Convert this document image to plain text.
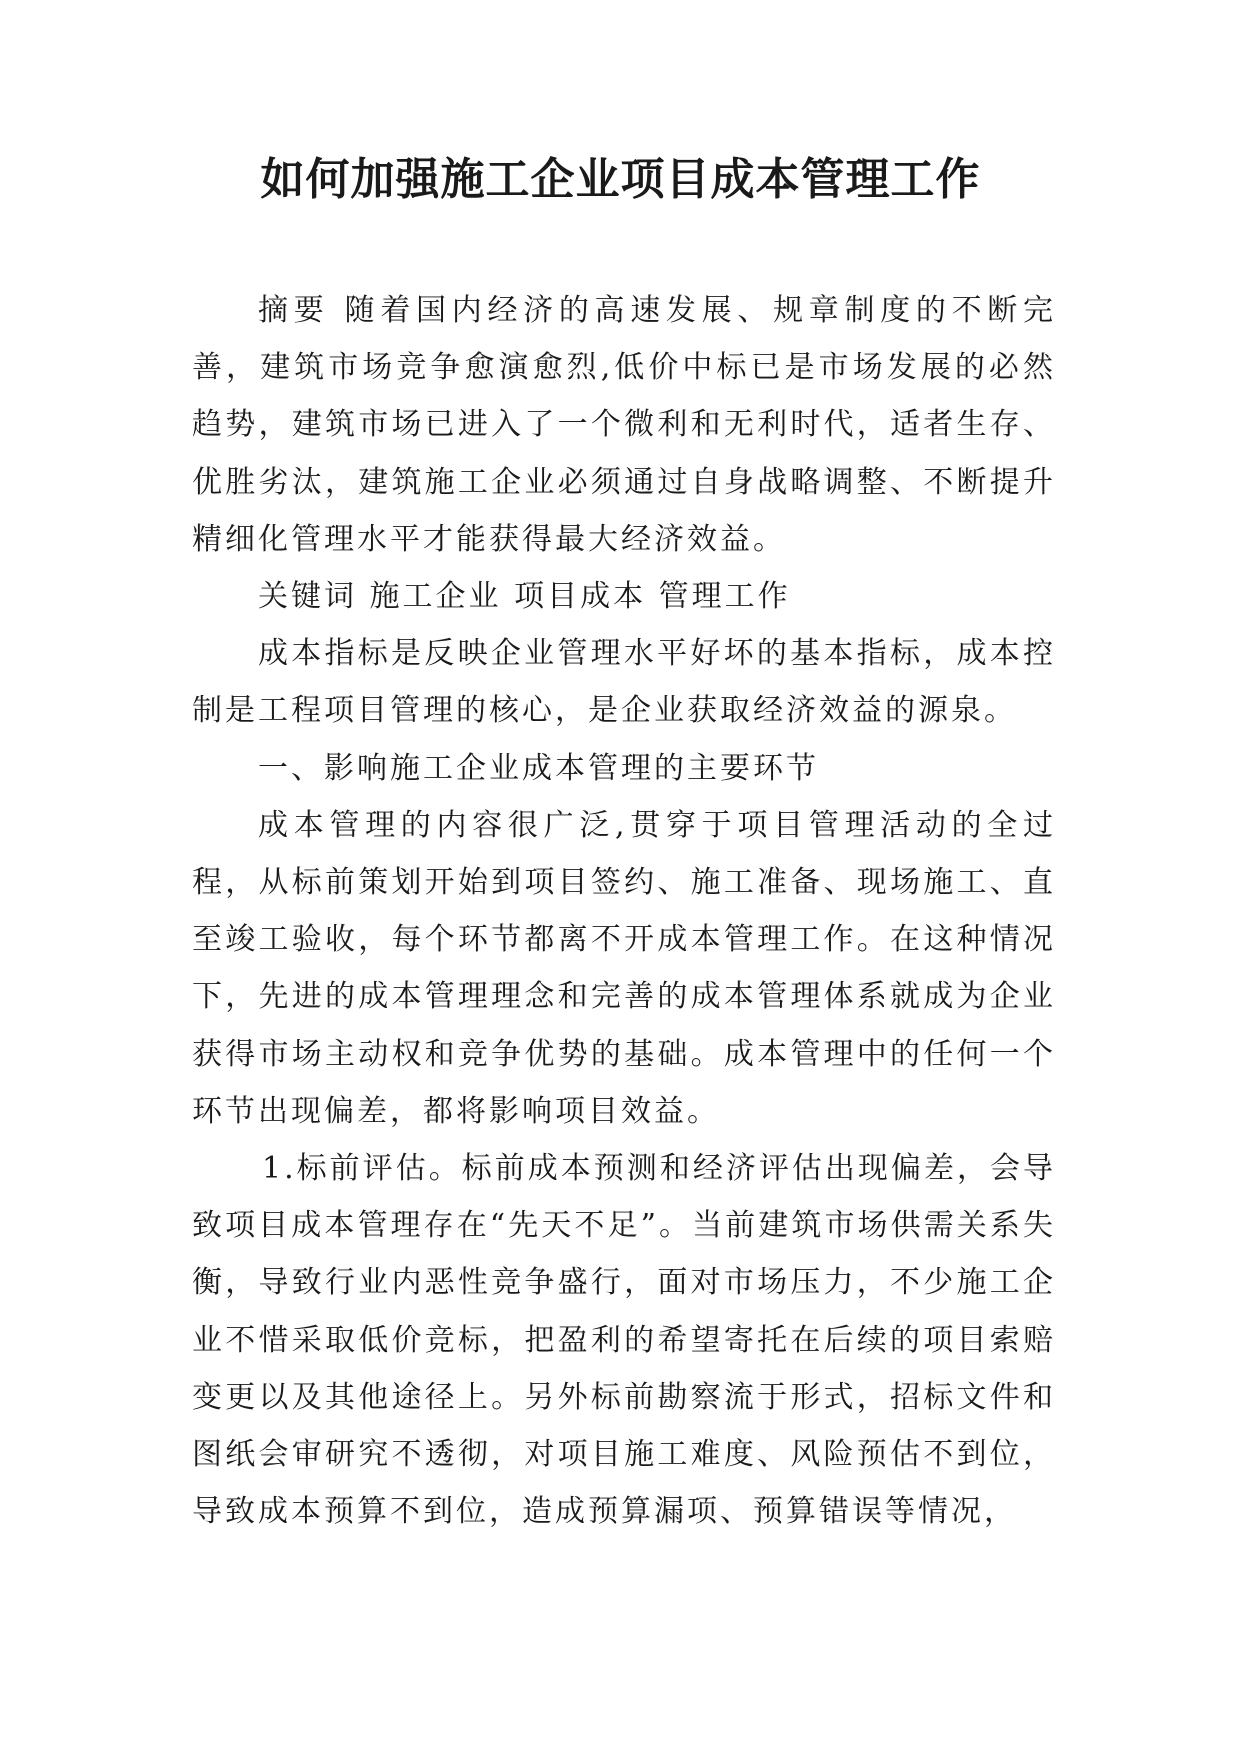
如何加强施工企业项目成本管理工作

摘要 随着国内经济的高速发展、规章制度的不断完善，建筑市场竞争愈演愈烈,低价中标已是市场发展的必然趋势，建筑市场已进入了一个微利和无利时代，适者生存、优胜劣汰，建筑施工企业必须通过自身战略调整、不断提升精细化管理水平才能获得最大经济效益。

关键词 施工企业 项目成本 管理工作

成本指标是反映企业管理水平好坏的基本指标，成本控制是工程项目管理的核心，是企业获取经济效益的源泉。

一、影响施工企业成本管理的主要环节

成本管理的内容很广泛,贯穿于项目管理活动的全过程，从标前策划开始到项目签约、施工准备、现场施工、直至竣工验收，每个环节都离不开成本管理工作。在这种情况下，先进的成本管理理念和完善的成本管理体系就成为企业获得市场主动权和竞争优势的基础。成本管理中的任何一个环节出现偏差，都将影响项目效益。

1.标前评估。标前成本预测和经济评估出现偏差，会导致项目成本管理存在“先天不足”。当前建筑市场供需关系失衡，导致行业内恶性竞争盛行，面对市场压力，不少施工企业不惜采取低价竞标，把盈利的希望寄托在后续的项目索赔变更以及其他途径上。另外标前勘察流于形式，招标文件和图纸会审研究不透彻，对项目施工难度、风险预估不到位，导致成本预算不到位，造成预算漏项、预算错误等情况，
